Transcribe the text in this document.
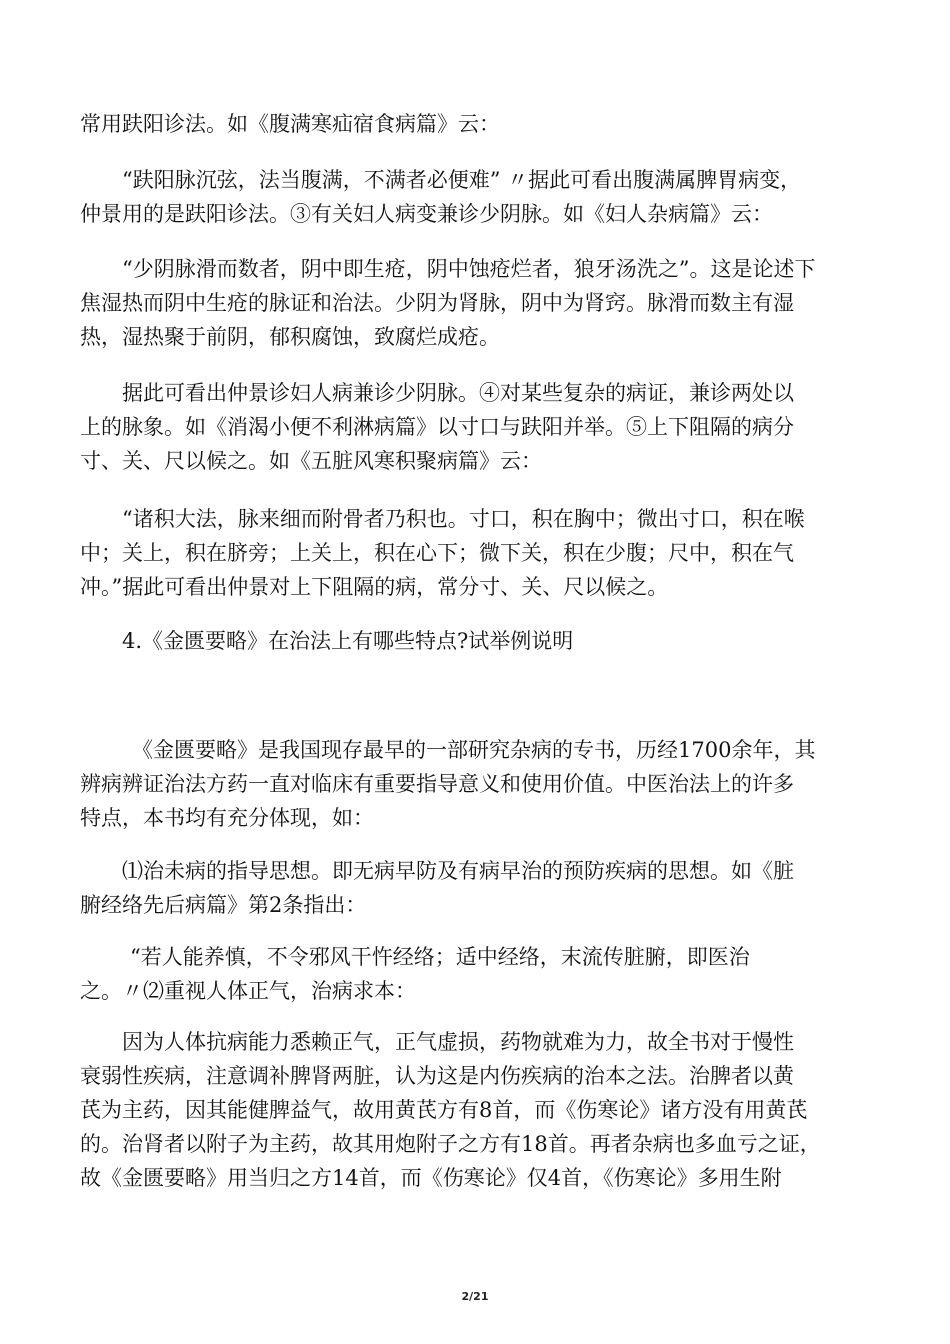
常用趺阳诊法。如《腹满寒疝宿食病篇》云：

“趺阳脉沉弦，法当腹满，不满者必便难” 〃据此可看出腹满属脾胃病变，
仲景用的是趺阳诊法。③有关妇人病变兼诊少阴脉。如《妇人杂病篇》云：

“少阴脉滑而数者，阴中即生疮，阴中蚀疮烂者，狼牙汤洗之”。这是论述下
焦湿热而阴中生疮的脉证和治法。少阴为肾脉，阴中为肾窍。脉滑而数主有湿
热，湿热聚于前阴，郁积腐蚀，致腐烂成疮。

据此可看出仲景诊妇人病兼诊少阴脉。④对某些复杂的病证，兼诊两处以
上的脉象。如《消渴小便不利淋病篇》以寸口与趺阳并举。⑤上下阻隔的病分
寸、关、尺以候之。如《五脏风寒积聚病篇》云：

“诸积大法，脉来细而附骨者乃积也。寸口，积在胸中；微出寸口，积在喉
中；关上，积在脐旁；上关上，积在心下；微下关，积在少腹；尺中，积在气
冲。”据此可看出仲景对上下阻隔的病，常分寸、关、尺以候之。

4.《金匮要略》在治法上有哪些特点?试举例说明

《金匮要略》是我国现存最早的一部研究杂病的专书，历经1700余年，其
辨病辨证治法方药一直对临床有重要指导意义和使用价值。中医治法上的许多
特点，本书均有充分体现，如：

⑴治未病的指导思想。即无病早防及有病早治的预防疾病的思想。如《脏
腑经络先后病篇》第2条指出：

“若人能养慎，不令邪风干忤经络；适中经络，末流传脏腑，即医治
之。〃⑵重视人体正气，治病求本：

因为人体抗病能力悉赖正气，正气虚损，药物就难为力，故全书对于慢性
衰弱性疾病，注意调补脾肾两脏，认为这是内伤疾病的治本之法。治脾者以黄
芪为主药，因其能健脾益气，故用黄芪方有8首，而《伤寒论》诸方没有用黄芪
的。治肾者以附子为主药，故其用炮附子之方有18首。再者杂病也多血亏之证，
故《金匮要略》用当归之方14首，而《伤寒论》仅4首，《伤寒论》多用生附

2/21
